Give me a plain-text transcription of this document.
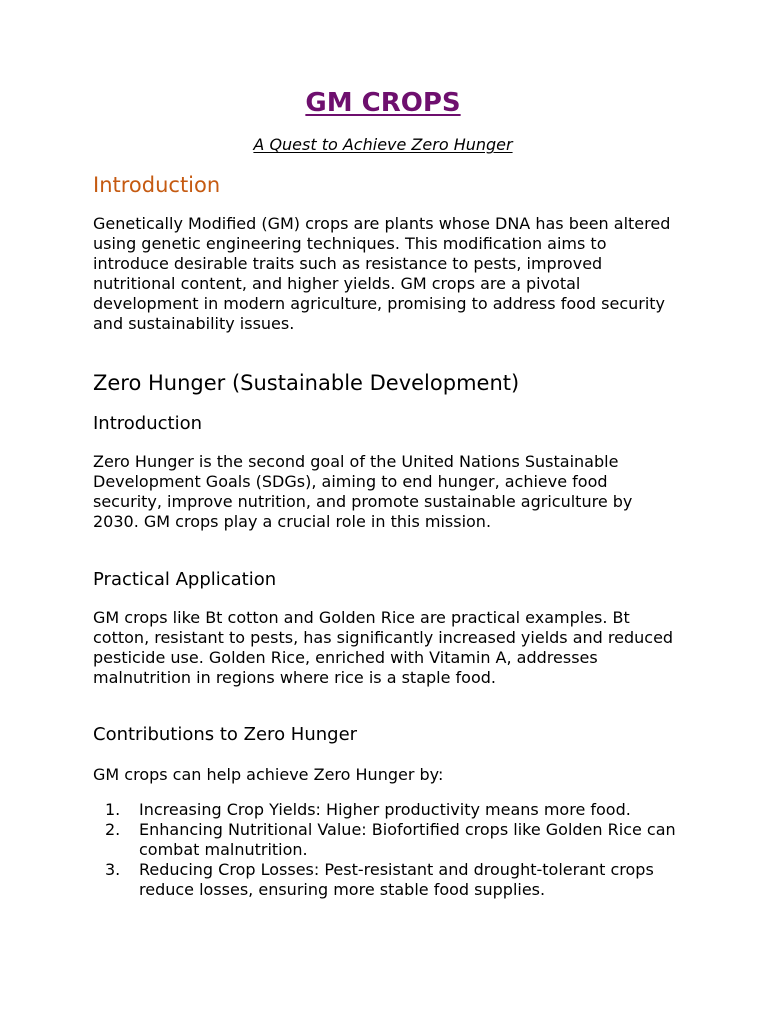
GM CROPS

A Quest to Achieve Zero Hunger

Introduction

Genetically Modified (GM) crops are plants whose DNA has been altered using genetic engineering techniques. This modification aims to introduce desirable traits such as resistance to pests, improved nutritional content, and higher yields. GM crops are a pivotal development in modern agriculture, promising to address food security and sustainability issues.

Zero Hunger (Sustainable Development)
Introduction

Zero Hunger is the second goal of the United Nations Sustainable Development Goals (SDGs), aiming to end hunger, achieve food security, improve nutrition, and promote sustainable agriculture by 2030. GM crops play a crucial role in this mission.

Practical Application

GM crops like Bt cotton and Golden Rice are practical examples. Bt cotton, resistant to pests, has significantly increased yields and reduced pesticide use. Golden Rice, enriched with Vitamin A, addresses malnutrition in regions where rice is a staple food.

Contributions to Zero Hunger

GM crops can help achieve Zero Hunger by:

1. Increasing Crop Yields: Higher productivity means more food.
2. Enhancing Nutritional Value: Biofortified crops like Golden Rice can combat malnutrition.
3. Reducing Crop Losses: Pest-resistant and drought-tolerant crops reduce losses, ensuring more stable food supplies.
